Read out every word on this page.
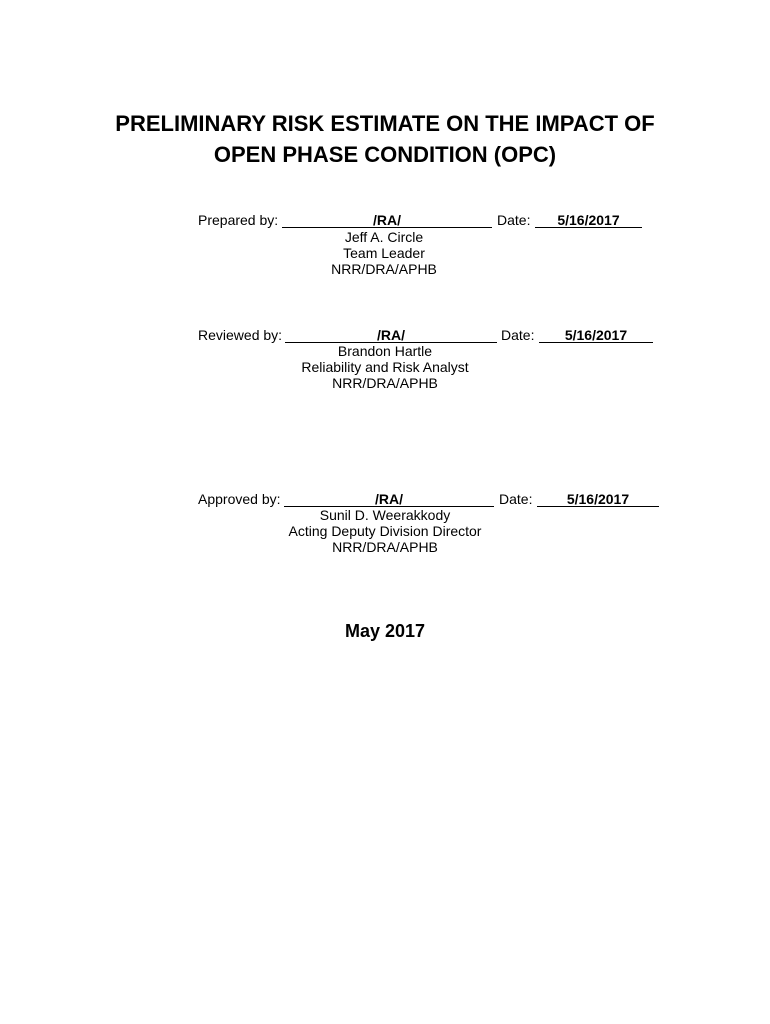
PRELIMINARY RISK ESTIMATE ON THE IMPACT OF
OPEN PHASE CONDITION (OPC)
Prepared by:	/RA/	Date:	5/16/2017
Jeff A. Circle
Team Leader
NRR/DRA/APHB
Reviewed by:	/RA/	Date:	5/16/2017
Brandon Hartle
Reliability and Risk Analyst
NRR/DRA/APHB
Approved by:	/RA/	Date:	5/16/2017
Sunil D. Weerakkody
Acting Deputy Division Director
NRR/DRA/APHB
May 2017
